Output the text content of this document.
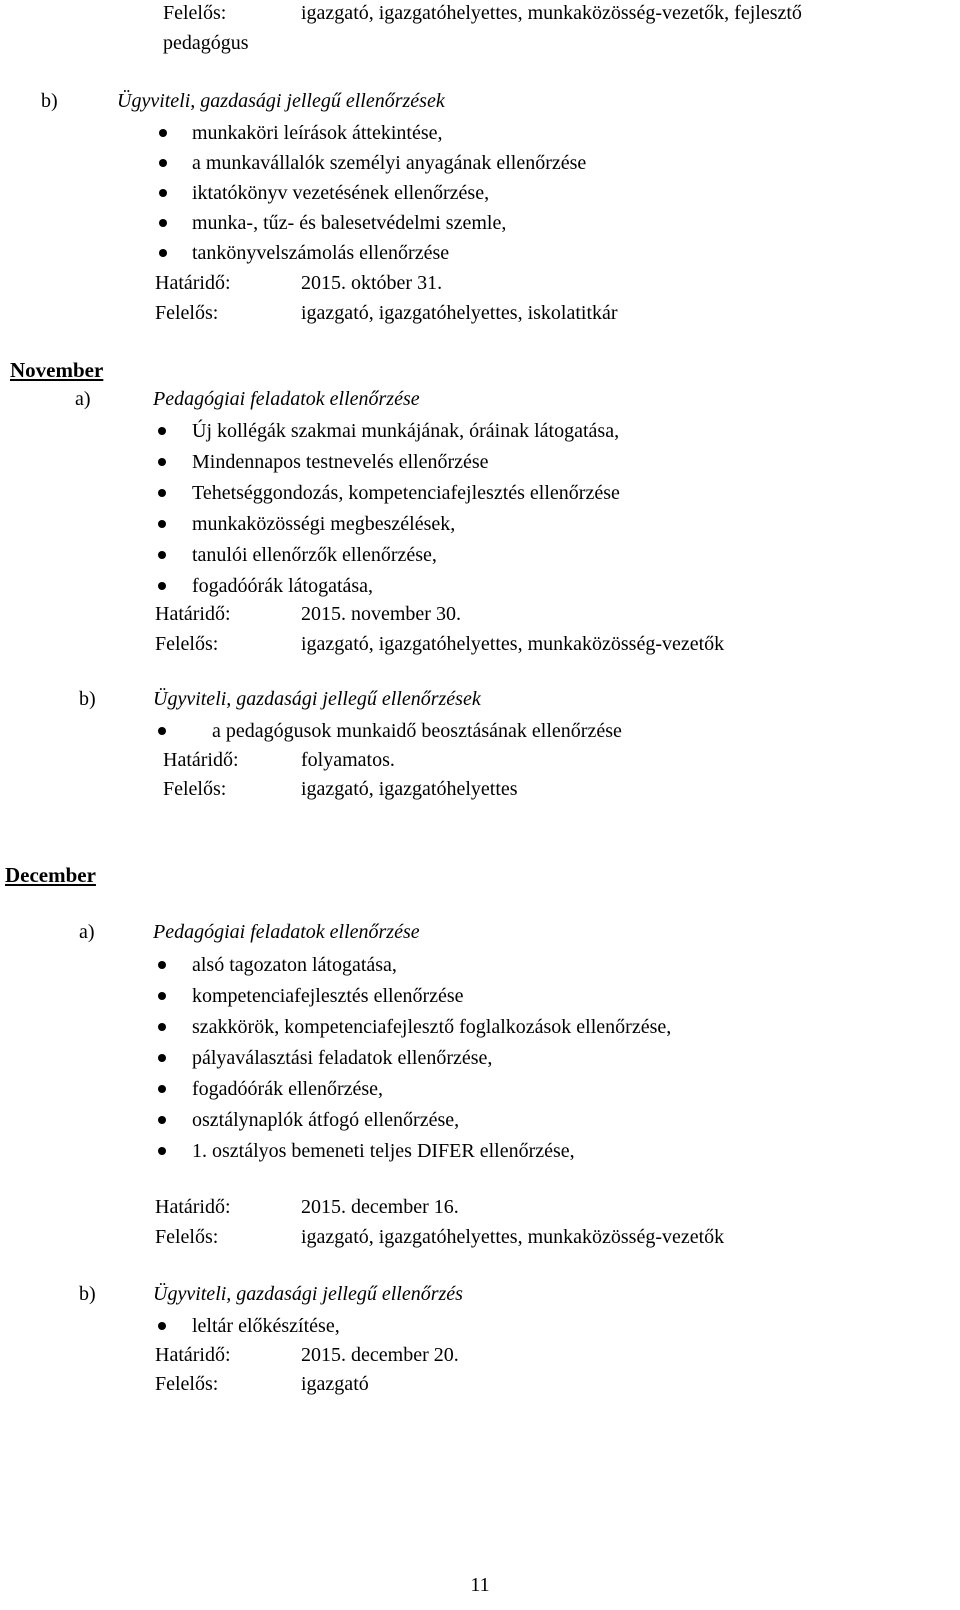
Felelős:	igazgató, igazgatóhelyettes, munkaközösség-vezetők, fejlesztő
pedagógus
b)	Ügyviteli, gazdasági jellegű ellenőrzések
munkaköri leírások áttekintése,
a munkavállalók személyi anyagának ellenőrzése
iktatókönyv vezetésének ellenőrzése,
munka-, tűz- és balesetvédelmi szemle,
tankönyvelszámolás ellenőrzése
Határidő:	2015. október 31.
Felelős:	igazgató, igazgatóhelyettes, iskolatitkár
November
a)	Pedagógiai feladatok ellenőrzése
Új kollégák szakmai munkájának, óráinak látogatása,
Mindennapos testnevelés ellenőrzése
Tehetséggondozás, kompetenciafejlesztés ellenőrzése
munkaközösségi megbeszélések,
tanulói ellenőrzők ellenőrzése,
fogadóórák látogatása,
Határidő:	2015. november 30.
Felelős:	igazgató, igazgatóhelyettes, munkaközösség-vezetők
b)	Ügyviteli, gazdasági jellegű ellenőrzések
a pedagógusok munkaidő beosztásának ellenőrzése
Határidő:	folyamatos.
Felelős:	igazgató, igazgatóhelyettes
December
a)	Pedagógiai feladatok ellenőrzése
alsó tagozaton látogatása,
kompetenciafejlesztés ellenőrzése
szakkörök, kompetenciafejlesztő foglalkozások ellenőrzése,
pályaválasztási feladatok ellenőrzése,
fogadóórák ellenőrzése,
osztálynaplók átfogó ellenőrzése,
1. osztályos bemeneti teljes DIFER ellenőrzése,
Határidő:	2015. december 16.
Felelős:	igazgató, igazgatóhelyettes, munkaközösség-vezetők
b)	Ügyviteli, gazdasági jellegű ellenőrzés
leltár előkészítése,
Határidő:	2015. december 20.
Felelős:	igazgató
11
